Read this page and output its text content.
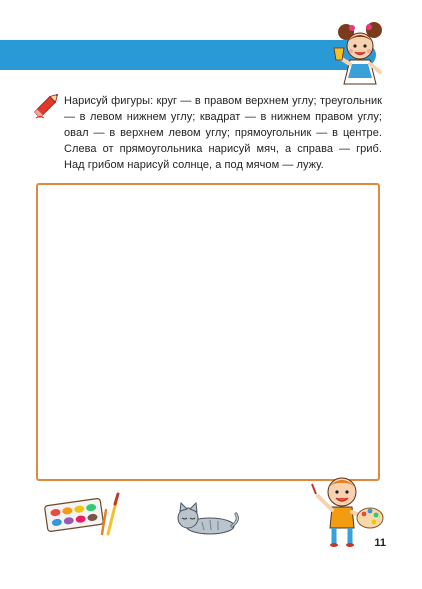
Нарисуй фигуры: круг — в правом верхнем углу; треугольник — в левом нижнем углу; квадрат — в нижнем правом углу; овал — в верхнем левом углу; прямоугольник — в центре. Слева от прямоугольника нарисуй мяч, а справа — гриб. Над грибом нарисуй солнце, а под мячом — лужу.
11
